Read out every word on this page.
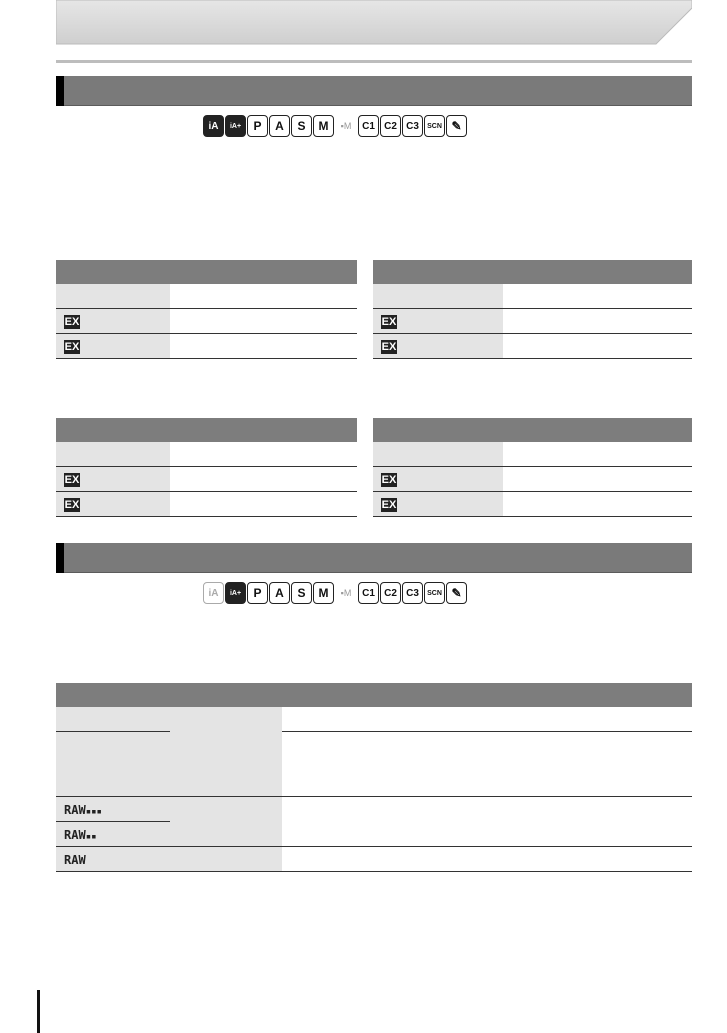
iA	iA+	P	A	S	M	▪M	C1 C2 C3	SCN ✎

EX	
EX	

EX	
EX	

EX	
EX	

EX	
EX	
iA	iA+	P	A	S	M	▪M	C1 C2 C3	SCN ✎

RAW▪▪▪		
RAW▪▪		
RAW		
